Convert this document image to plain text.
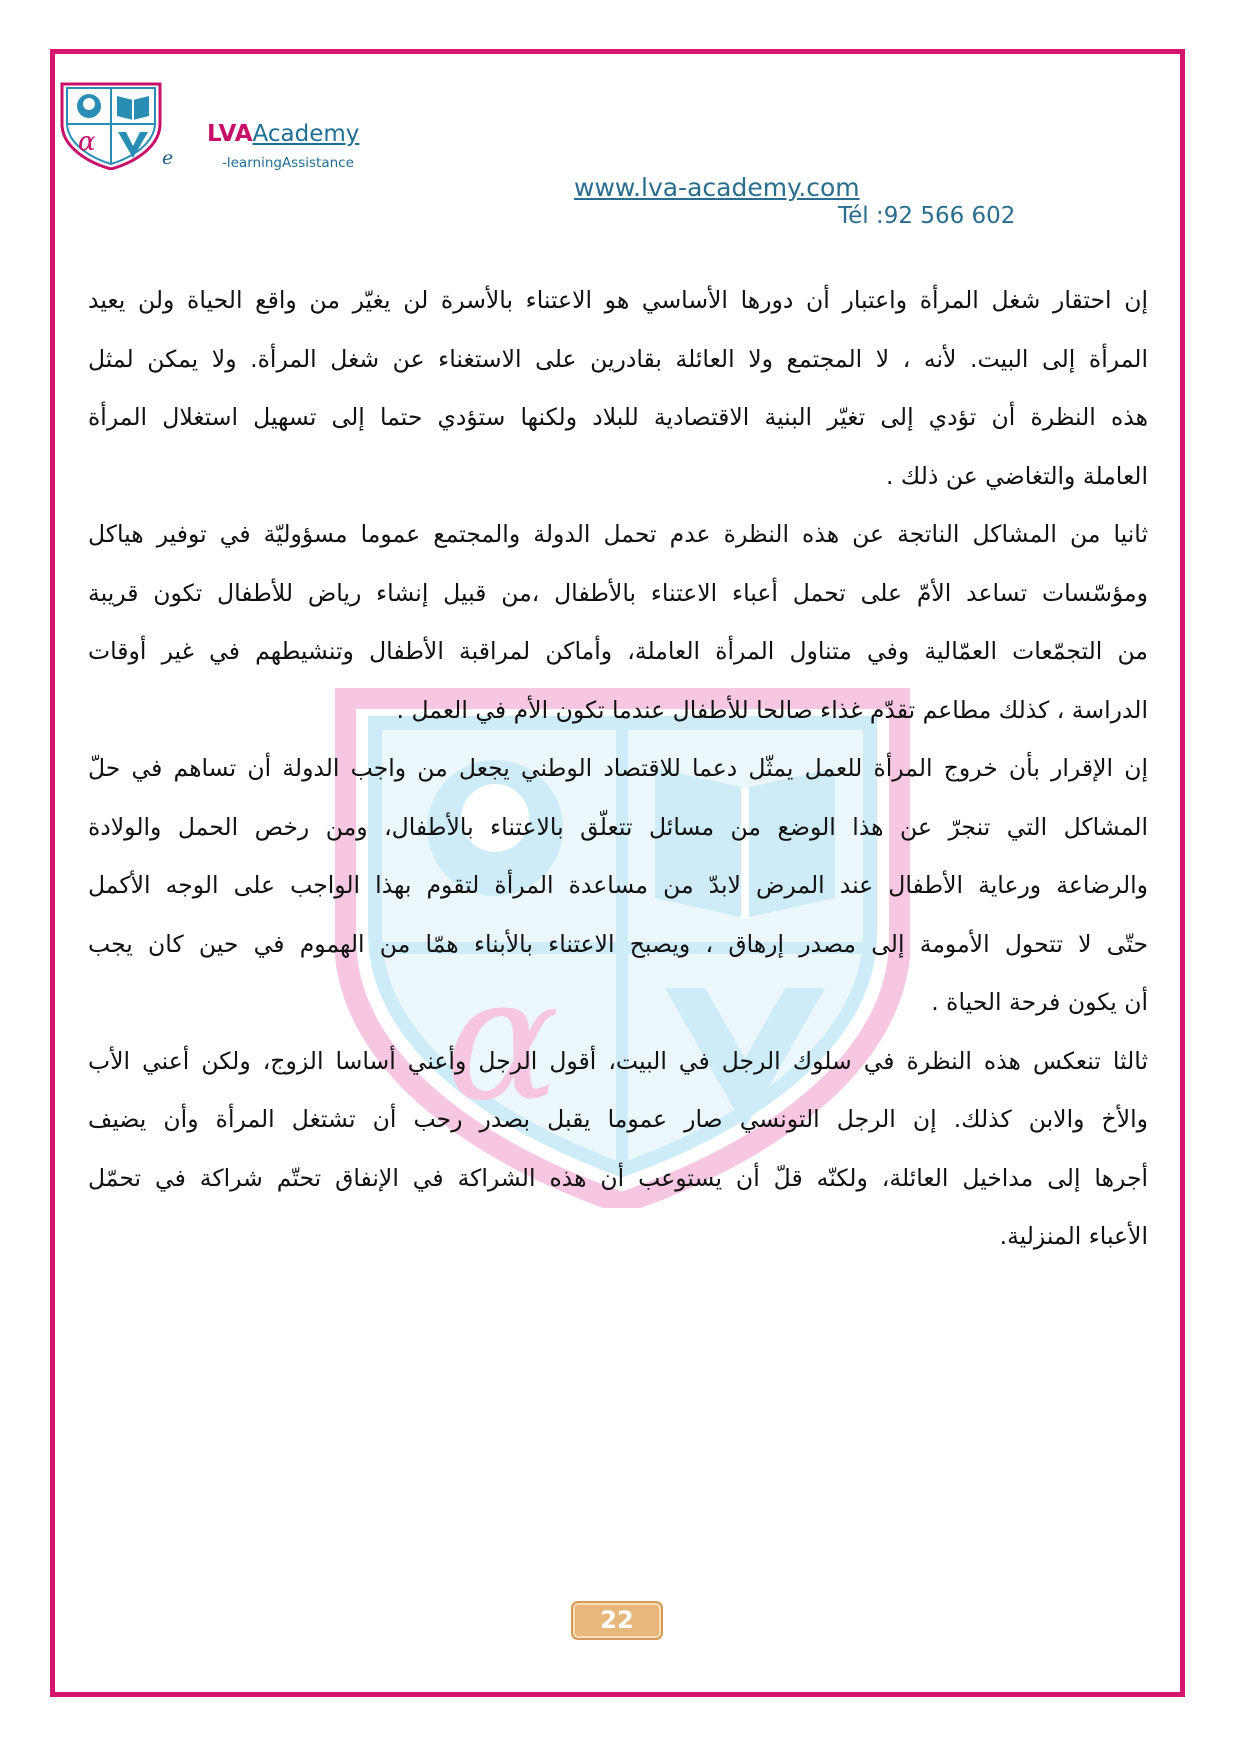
α
e
LVAAcademy
-learningAssistance
www.lva-academy.com
Tél :92 566 602
α
إن احتقار شغل المرأة واعتبار أن دورها الأساسي هو الاعتناء بالأسرة لن يغيّر من واقع الحياة ولن يعيد
المرأة إلى البيت. لأنه ، لا المجتمع ولا العائلة بقادرين على الاستغناء عن شغل المرأة. ولا يمكن لمثل
هذه النظرة أن تؤدي إلى تغيّر البنية الاقتصادية للبلاد ولكنها ستؤدي حتما إلى تسهيل استغلال المرأة
العاملة والتغاضي عن ذلك .
ثانيا من المشاكل الناتجة عن هذه النظرة عدم تحمل الدولة والمجتمع عموما مسؤوليّة في توفير هياكل
ومؤسّسات تساعد الأمّ على تحمل أعباء الاعتناء بالأطفال ،من قبيل إنشاء رياض للأطفال تكون قريبة
من التجمّعات العمّالية وفي متناول المرأة العاملة، وأماكن لمراقبة الأطفال وتنشيطهم في غير أوقات
الدراسة ، كذلك مطاعم تقدّم غذاء صالحا للأطفال عندما تكون الأم في العمل .
إن الإقرار بأن خروج المرأة للعمل يمثّل دعما للاقتصاد الوطني يجعل من واجب الدولة أن تساهم في حلّ
المشاكل التي تنجرّ عن هذا الوضع من مسائل تتعلّق بالاعتناء بالأطفال، ومن رخص الحمل والولادة
والرضاعة ورعاية الأطفال عند المرض لابدّ من مساعدة المرأة لتقوم بهذا الواجب على الوجه الأكمل
حتّى لا تتحول الأمومة إلى مصدر إرهاق ، ويصبح الاعتناء بالأبناء همّا من الهموم في حين كان يجب
أن يكون فرحة الحياة .
ثالثا تنعكس هذه النظرة في سلوك الرجل في البيت، أقول الرجل وأعني أساسا الزوج، ولكن أعني الأب
والأخ والابن كذلك. إن الرجل التونسي صار عموما يقبل بصدر رحب أن تشتغل المرأة وأن يضيف
أجرها إلى مداخيل العائلة، ولكنّه قلّ أن يستوعب أن هذه الشراكة في الإنفاق تحتّم شراكة في تحمّل
الأعباء المنزلية.
22
